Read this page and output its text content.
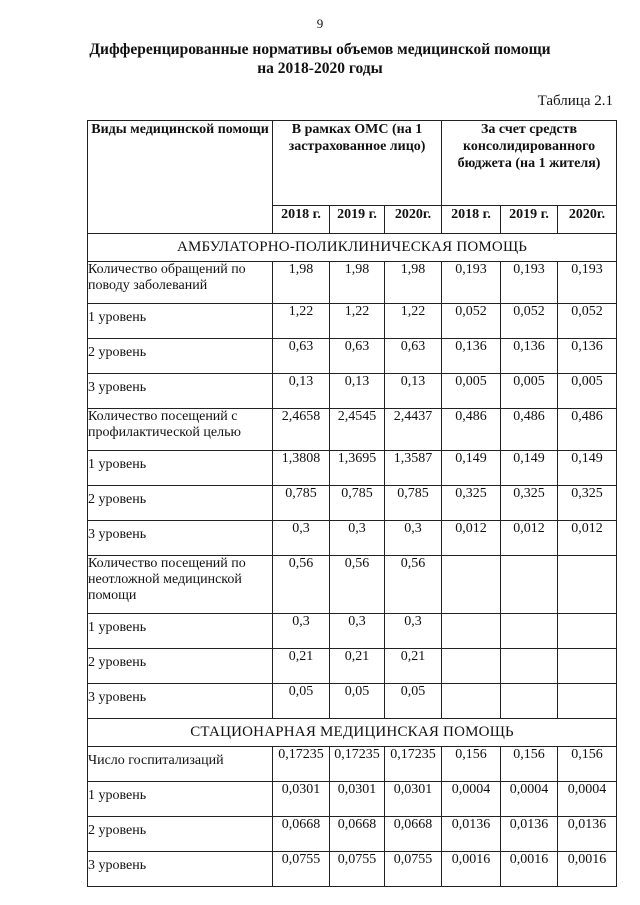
9
Дифференцированные нормативы объемов медицинской помощи
на 2018-2020 годы
Таблица 2.1
Виды медицинской помощи	В рамках ОМС (на 1 застрахованное лицо)			За счет средств консолидированного бюджета (на 1 жителя)		
	2018 г.	2019 г.	2020г.	2018 г.	2019 г.	2020г.
АМБУЛАТОРНО-ПОЛИКЛИНИЧЕСКАЯ ПОМОЩЬ						
Количество обращений по поводу заболеваний	1,98	1,98	1,98	0,193	0,193	0,193
1 уровень	1,22	1,22	1,22	0,052	0,052	0,052
2 уровень	0,63	0,63	0,63	0,136	0,136	0,136
3 уровень	0,13	0,13	0,13	0,005	0,005	0,005
Количество посещений с профилактической целью	2,4658	2,4545	2,4437	0,486	0,486	0,486
1 уровень	1,3808	1,3695	1,3587	0,149	0,149	0,149
2 уровень	0,785	0,785	0,785	0,325	0,325	0,325
3 уровень	0,3	0,3	0,3	0,012	0,012	0,012
Количество посещений по неотложной медицинской помощи	0,56	0,56	0,56			
1 уровень	0,3	0,3	0,3			
2 уровень	0,21	0,21	0,21			
3 уровень	0,05	0,05	0,05			
СТАЦИОНАРНАЯ МЕДИЦИНСКАЯ ПОМОЩЬ						
Число госпитализаций	0,17235	0,17235	0,17235	0,156	0,156	0,156
1 уровень	0,0301	0,0301	0,0301	0,0004	0,0004	0,0004
2 уровень	0,0668	0,0668	0,0668	0,0136	0,0136	0,0136
3 уровень	0,0755	0,0755	0,0755	0,0016	0,0016	0,0016
